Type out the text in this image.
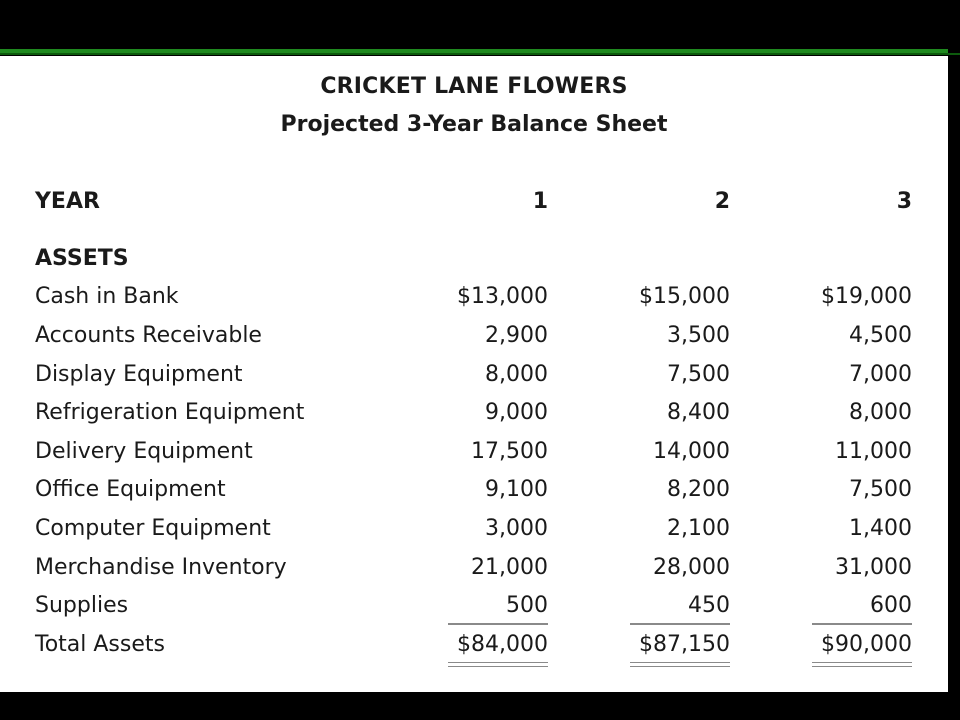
CRICKET LANE FLOWERS
Projected 3-Year Balance Sheet
YEAR	1	2	3
ASSETS
Cash in Bank	$13,000	$15,000	$19,000
Accounts Receivable	2,900	3,500	4,500
Display Equipment	8,000	7,500	7,000
Refrigeration Equipment	9,000	8,400	8,000
Delivery Equipment	17,500	14,000	11,000
Office Equipment	9,100	8,200	7,500
Computer Equipment	3,000	2,100	1,400
Merchandise Inventory	21,000	28,000	31,000
Supplies	500	450	600
Total Assets	$84,000	$87,150	$90,000
